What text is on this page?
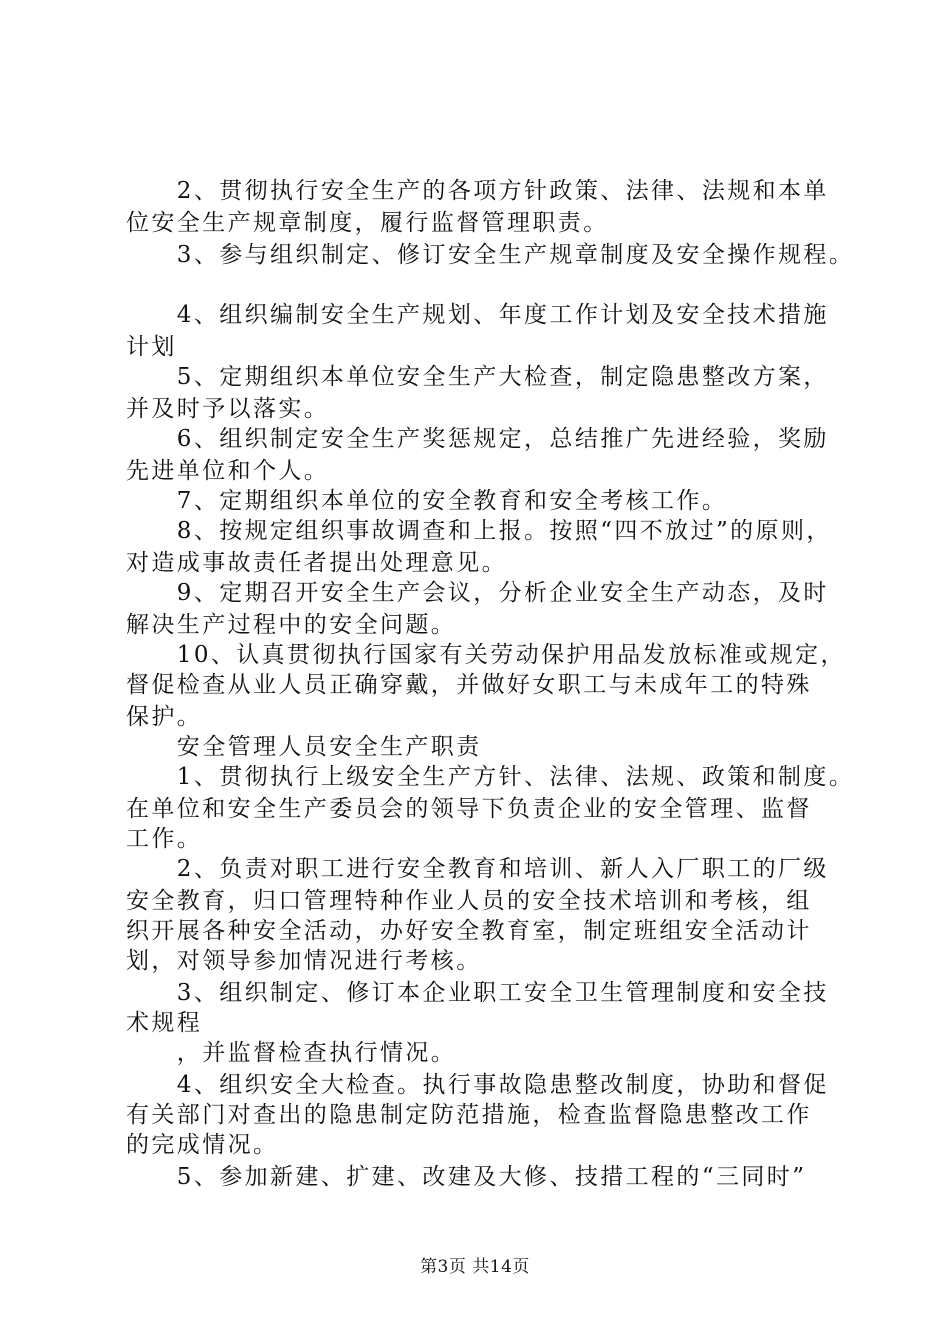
　　2、贯彻执行安全生产的各项方针政策、法律、法规和本单

位安全生产规章制度，履行监督管理职责。

　　3、参与组织制定、修订安全生产规章制度及安全操作规程。

　　4、组织编制安全生产规划、年度工作计划及安全技术措施

计划

　　5、定期组织本单位安全生产大检查，制定隐患整改方案，

并及时予以落实。

　　6、组织制定安全生产奖惩规定，总结推广先进经验，奖励

先进单位和个人。

　　7、定期组织本单位的安全教育和安全考核工作。

　　8、按规定组织事故调查和上报。按照“四不放过”的原则，

对造成事故责任者提出处理意见。

　　9、定期召开安全生产会议，分析企业安全生产动态，及时

解决生产过程中的安全问题。

　　10、认真贯彻执行国家有关劳动保护用品发放标准或规定，

督促检查从业人员正确穿戴，并做好女职工与未成年工的特殊

保护。

　　安全管理人员安全生产职责

　　1、贯彻执行上级安全生产方针、法律、法规、政策和制度。

在单位和安全生产委员会的领导下负责企业的安全管理、监督

工作。

　　2、负责对职工进行安全教育和培训、新人入厂职工的厂级

安全教育，归口管理特种作业人员的安全技术培训和考核，组

织开展各种安全活动，办好安全教育室，制定班组安全活动计

划，对领导参加情况进行考核。

　　3、组织制定、修订本企业职工安全卫生管理制度和安全技

术规程

　　，并监督检查执行情况。

　　4、组织安全大检查。执行事故隐患整改制度，协助和督促

有关部门对查出的隐患制定防范措施，检查监督隐患整改工作

的完成情况。

　　5、参加新建、扩建、改建及大修、技措工程的“三同时”

第3页 共14页
